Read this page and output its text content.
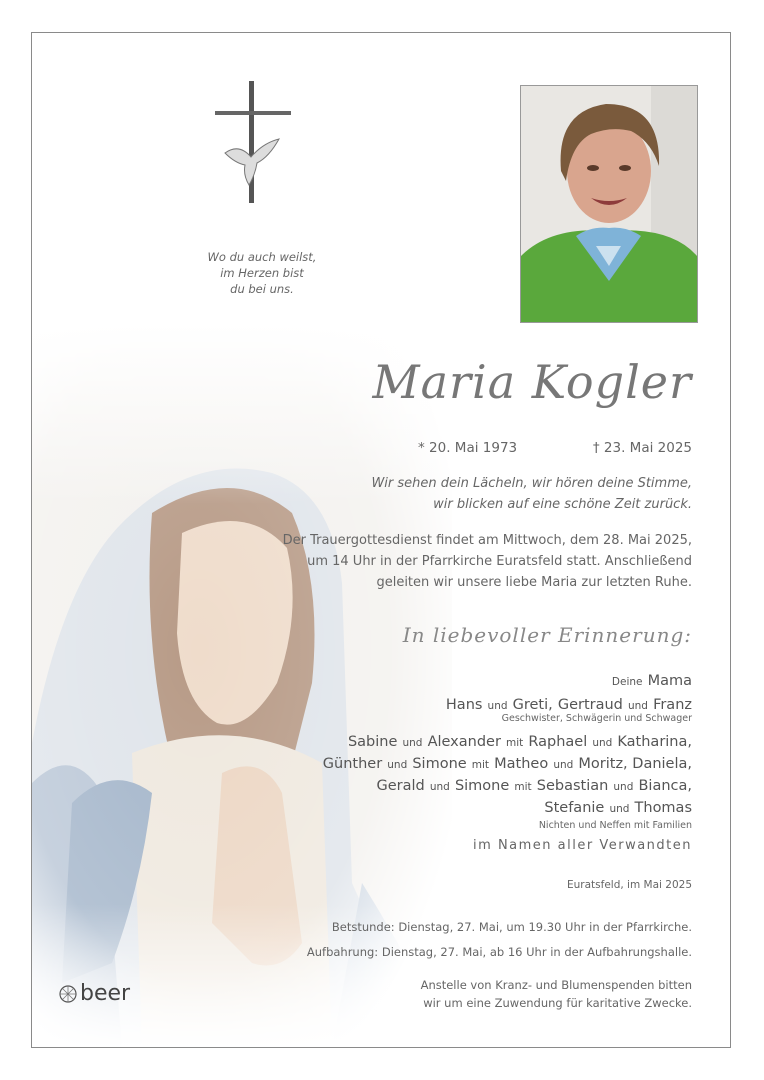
Wo du auch weilst,
im Herzen bist
du bei uns.
Maria Kogler
* 20. Mai 1973	† 23. Mai 2025
Wir sehen dein Lächeln, wir hören deine Stimme,
wir blicken auf eine schöne Zeit zurück.
Der Trauergottesdienst findet am Mittwoch, dem 28. Mai 2025,
um 14 Uhr in der Pfarrkirche Euratsfeld statt. Anschließend
geleiten wir unsere liebe Maria zur letzten Ruhe.
In liebevoller Erinnerung:
Deine Mama
Hans und Greti, Gertraud und Franz
Geschwister, Schwägerin und Schwager
Sabine und Alexander mit Raphael und Katharina,
Günther und Simone mit Matheo und Moritz, Daniela,
Gerald und Simone mit Sebastian und Bianca,
Stefanie und Thomas
Nichten und Neffen mit Familien
im Namen aller Verwandten
Euratsfeld, im Mai 2025
Betstunde: Dienstag, 27. Mai, um 19.30 Uhr in der Pfarrkirche.
Aufbahrung: Dienstag, 27. Mai, ab 16 Uhr in der Aufbahrungshalle.
Anstelle von Kranz- und Blumenspenden bitten
wir um eine Zuwendung für karitative Zwecke.
beer
